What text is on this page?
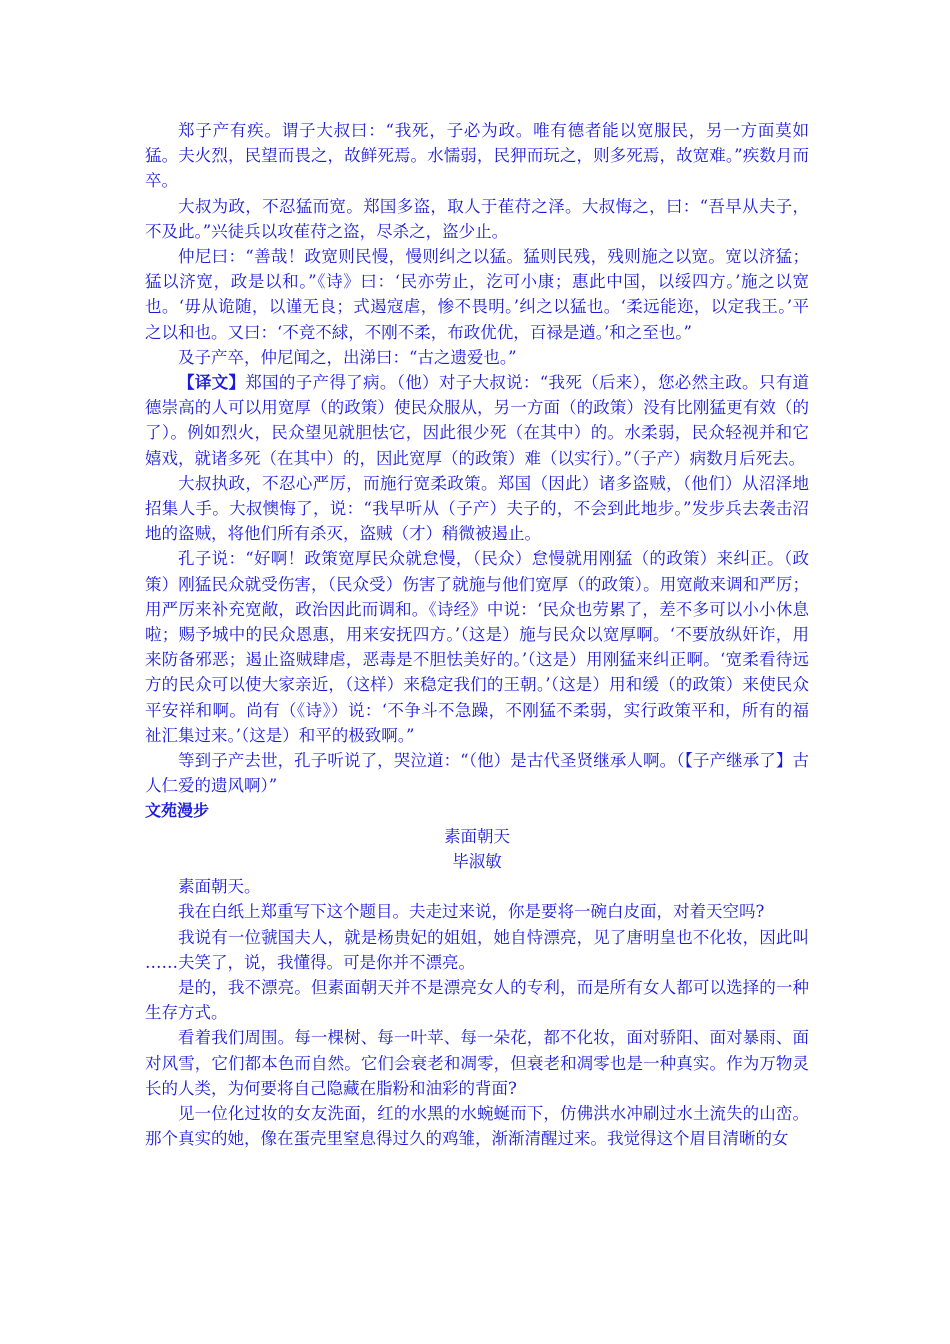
郑子产有疾。谓子大叔曰：“我死，子必为政。唯有德者能以宽服民，另一方面莫如猛。夫火烈，民望而畏之，故鲜死焉。水懦弱，民狎而玩之，则多死焉，故宽难。”疾数月而卒。

大叔为政，不忍猛而宽。郑国多盗，取人于萑苻之泽。大叔悔之，曰：“吾早从夫子，不及此。”兴徒兵以攻萑苻之盗，尽杀之，盗少止。

仲尼曰：“善哉！政宽则民慢，慢则纠之以猛。猛则民残，残则施之以宽。宽以济猛；猛以济宽，政是以和。”《诗》曰：‘民亦劳止，汔可小康；惠此中国，以绥四方。’施之以宽也。‘毋从诡随，以谨无良；式遏寇虐，惨不畏明。’纠之以猛也。‘柔远能迩，以定我王。’平之以和也。又曰：‘不竞不絿，不刚不柔，布政优优，百禄是遒。’和之至也。”

及子产卒，仲尼闻之，出涕曰：“古之遗爱也。”

【译文】郑国的子产得了病。（他）对子大叔说：“我死（后来），您必然主政。只有道德崇高的人可以用宽厚（的政策）使民众服从，另一方面（的政策）没有比刚猛更有效（的了）。例如烈火，民众望见就胆怯它，因此很少死（在其中）的。水柔弱，民众轻视并和它嬉戏，就诸多死（在其中）的，因此宽厚（的政策）难（以实行）。”（子产）病数月后死去。

大叔执政，不忍心严厉，而施行宽柔政策。郑国（因此）诸多盗贼，（他们）从沼泽地招集人手。大叔懊悔了，说：“我早听从（子产）夫子的，不会到此地步。”发步兵去袭击沼地的盗贼，将他们所有杀灭，盗贼（才）稍微被遏止。

孔子说：“好啊！政策宽厚民众就怠慢，（民众）怠慢就用刚猛（的政策）来纠正。（政策）刚猛民众就受伤害，（民众受）伤害了就施与他们宽厚（的政策）。用宽敞来调和严厉；用严厉来补充宽敞，政治因此而调和。《诗经》中说：‘民众也劳累了，差不多可以小小休息啦；赐予城中的民众恩惠，用来安抚四方。’（这是）施与民众以宽厚啊。‘不要放纵奸诈，用来防备邪恶；遏止盗贼肆虐，恶毒是不胆怯美好的。’（这是）用刚猛来纠正啊。‘宽柔看待远方的民众可以使大家亲近，（这样）来稳定我们的王朝。’（这是）用和缓（的政策）来使民众平安祥和啊。尚有（《诗》）说：‘不争斗不急躁，不刚猛不柔弱，实行政策平和，所有的福祉汇集过来。’（这是）和平的极致啊。”

等到子产去世，孔子听说了，哭泣道：“（他）是古代圣贤继承人啊。（【子产继承了】古人仁爱的遗风啊）”

文苑漫步
素面朝天
毕淑敏

素面朝天。

我在白纸上郑重写下这个题目。夫走过来说，你是要将一碗白皮面，对着天空吗?

我说有一位虢国夫人，就是杨贵妃的姐姐，她自恃漂亮，见了唐明皇也不化妆，因此叫 ……夫笑了，说，我懂得。可是你并不漂亮。

是的，我不漂亮。但素面朝天并不是漂亮女人的专利，而是所有女人都可以选择的一种生存方式。

看着我们周围。每一棵树、每一叶苹、每一朵花，都不化妆，面对骄阳、面对暴雨、面对风雪，它们都本色而自然。它们会衰老和凋零，但衰老和凋零也是一种真实。作为万物灵长的人类，为何要将自己隐藏在脂粉和油彩的背面?

见一位化过妆的女友洗面，红的水黑的水蜿蜒而下，仿佛洪水冲刷过水土流失的山峦。那个真实的她，像在蛋壳里窒息得过久的鸡雏，渐渐清醒过来。我觉得这个眉目清晰的女
